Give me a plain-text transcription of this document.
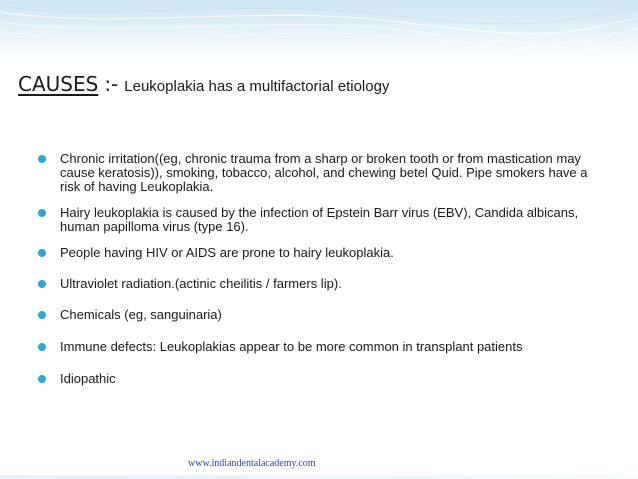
CAUSES :- Leukoplakia has a multifactorial etiology
Chronic irritation((eg, chronic trauma from a sharp or broken tooth or from mastication may cause keratosis)), smoking, tobacco, alcohol, and chewing betel Quid. Pipe smokers have a risk of having Leukoplakia.
Hairy leukoplakia is caused by the infection of Epstein Barr virus (EBV), Candida albicans, human papilloma virus (type 16).
People having HIV or AIDS are prone to hairy leukoplakia.
Ultraviolet radiation.(actinic cheilitis / farmers lip).
Chemicals (eg, sanguinaria)
Immune defects: Leukoplakias appear to be more common in transplant patients
Idiopathic
www.indiandentalacademy.com
